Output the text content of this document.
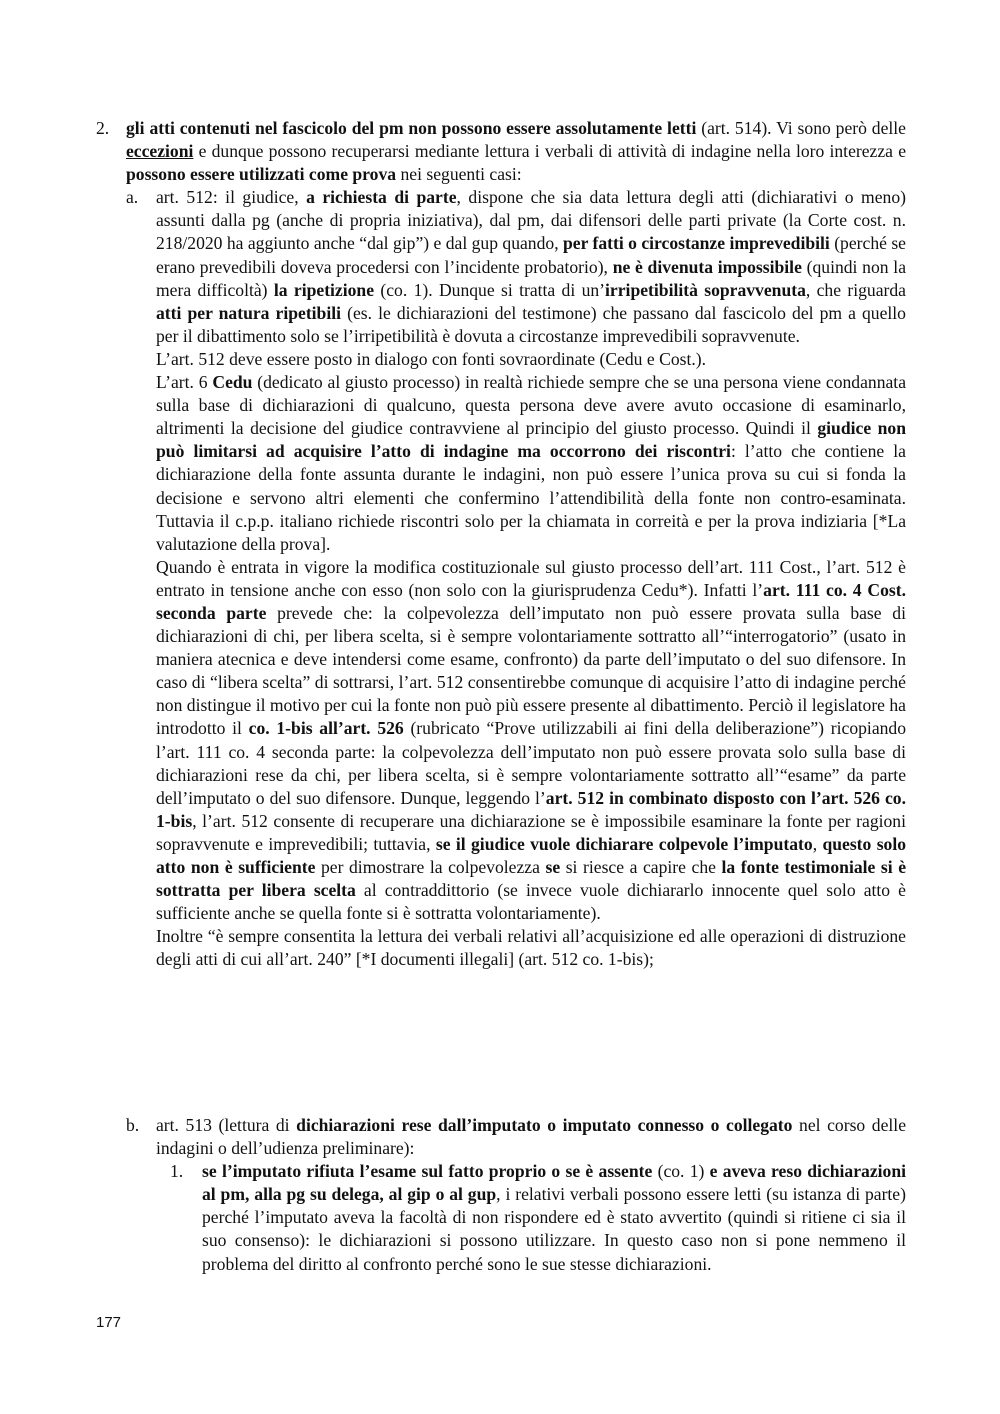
2. gli atti contenuti nel fascicolo del pm non possono essere assolutamente letti (art. 514). Vi sono però delle eccezioni e dunque possono recuperarsi mediante lettura i verbali di attività di indagine nella loro interezza e possono essere utilizzati come prova nei seguenti casi:

a. art. 512: il giudice, a richiesta di parte, dispone che sia data lettura degli atti (dichiarativi o meno) assunti dalla pg (anche di propria iniziativa), dal pm, dai difensori delle parti private (la Corte cost. n. 218/2020 ha aggiunto anche “dal gip”) e dal gup quando, per fatti o circostanze imprevedibili (perché se erano prevedibili doveva procedersi con l’incidente probatorio), ne è divenuta impossibile (quindi non la mera difficoltà) la ripetizione (co. 1). Dunque si tratta di un’irripetibilità sopravvenuta, che riguarda atti per natura ripetibili (es. le dichiarazioni del testimone) che passano dal fascicolo del pm a quello per il dibattimento solo se l’irripetibilità è dovuta a circostanze imprevedibili sopravvenute.

L’art. 512 deve essere posto in dialogo con fonti sovraordinate (Cedu e Cost.).

L’art. 6 Cedu (dedicato al giusto processo) in realtà richiede sempre che se una persona viene condannata sulla base di dichiarazioni di qualcuno, questa persona deve avere avuto occasione di esaminarlo, altrimenti la decisione del giudice contravviene al principio del giusto processo. Quindi il giudice non può limitarsi ad acquisire l’atto di indagine ma occorrono dei riscontri: l’atto che contiene la dichiarazione della fonte assunta durante le indagini, non può essere l’unica prova su cui si fonda la decisione e servono altri elementi che confermino l’attendibilità della fonte non contro-esaminata. Tuttavia il c.p.p. italiano richiede riscontri solo per la chiamata in correità e per la prova indiziaria [*La valutazione della prova].

Quando è entrata in vigore la modifica costituzionale sul giusto processo dell’art. 111 Cost., l’art. 512 è entrato in tensione anche con esso (non solo con la giurisprudenza Cedu*). Infatti l’art. 111 co. 4 Cost. seconda parte prevede che: la colpevolezza dell’imputato non può essere provata sulla base di dichiarazioni di chi, per libera scelta, si è sempre volontariamente sottratto all’“interrogatorio” (usato in maniera atecnica e deve intendersi come esame, confronto) da parte dell’imputato o del suo difensore. In caso di “libera scelta” di sottrarsi, l’art. 512 consentirebbe comunque di acquisire l’atto di indagine perché non distingue il motivo per cui la fonte non può più essere presente al dibattimento. Perciò il legislatore ha introdotto il co. 1-bis all’art. 526 (rubricato “Prove utilizzabili ai fini della deliberazione”) ricopiando l’art. 111 co. 4 seconda parte: la colpevolezza dell’imputato non può essere provata solo sulla base di dichiarazioni rese da chi, per libera scelta, si è sempre volontariamente sottratto all’“esame” da parte dell’imputato o del suo difensore. Dunque, leggendo l’art. 512 in combinato disposto con l’art. 526 co. 1-bis, l’art. 512 consente di recuperare una dichiarazione se è impossibile esaminare la fonte per ragioni sopravvenute e imprevedibili; tuttavia, se il giudice vuole dichiarare colpevole l’imputato, questo solo atto non è sufficiente per dimostrare la colpevolezza se si riesce a capire che la fonte testimoniale si è sottratta per libera scelta al contraddittorio (se invece vuole dichiararlo innocente quel solo atto è sufficiente anche se quella fonte si è sottratta volontariamente).

Inoltre “è sempre consentita la lettura dei verbali relativi all’acquisizione ed alle operazioni di distruzione degli atti di cui all’art. 240” [*I documenti illegali] (art. 512 co. 1-bis);

b. art. 513 (lettura di dichiarazioni rese dall’imputato o imputato connesso o collegato nel corso delle indagini o dell’udienza preliminare):

1. se l’imputato rifiuta l’esame sul fatto proprio o se è assente (co. 1) e aveva reso dichiarazioni al pm, alla pg su delega, al gip o al gup, i relativi verbali possono essere letti (su istanza di parte) perché l’imputato aveva la facoltà di non rispondere ed è stato avvertito (quindi si ritiene ci sia il suo consenso): le dichiarazioni si possono utilizzare. In questo caso non si pone nemmeno il problema del diritto al confronto perché sono le sue stesse dichiarazioni.

177
